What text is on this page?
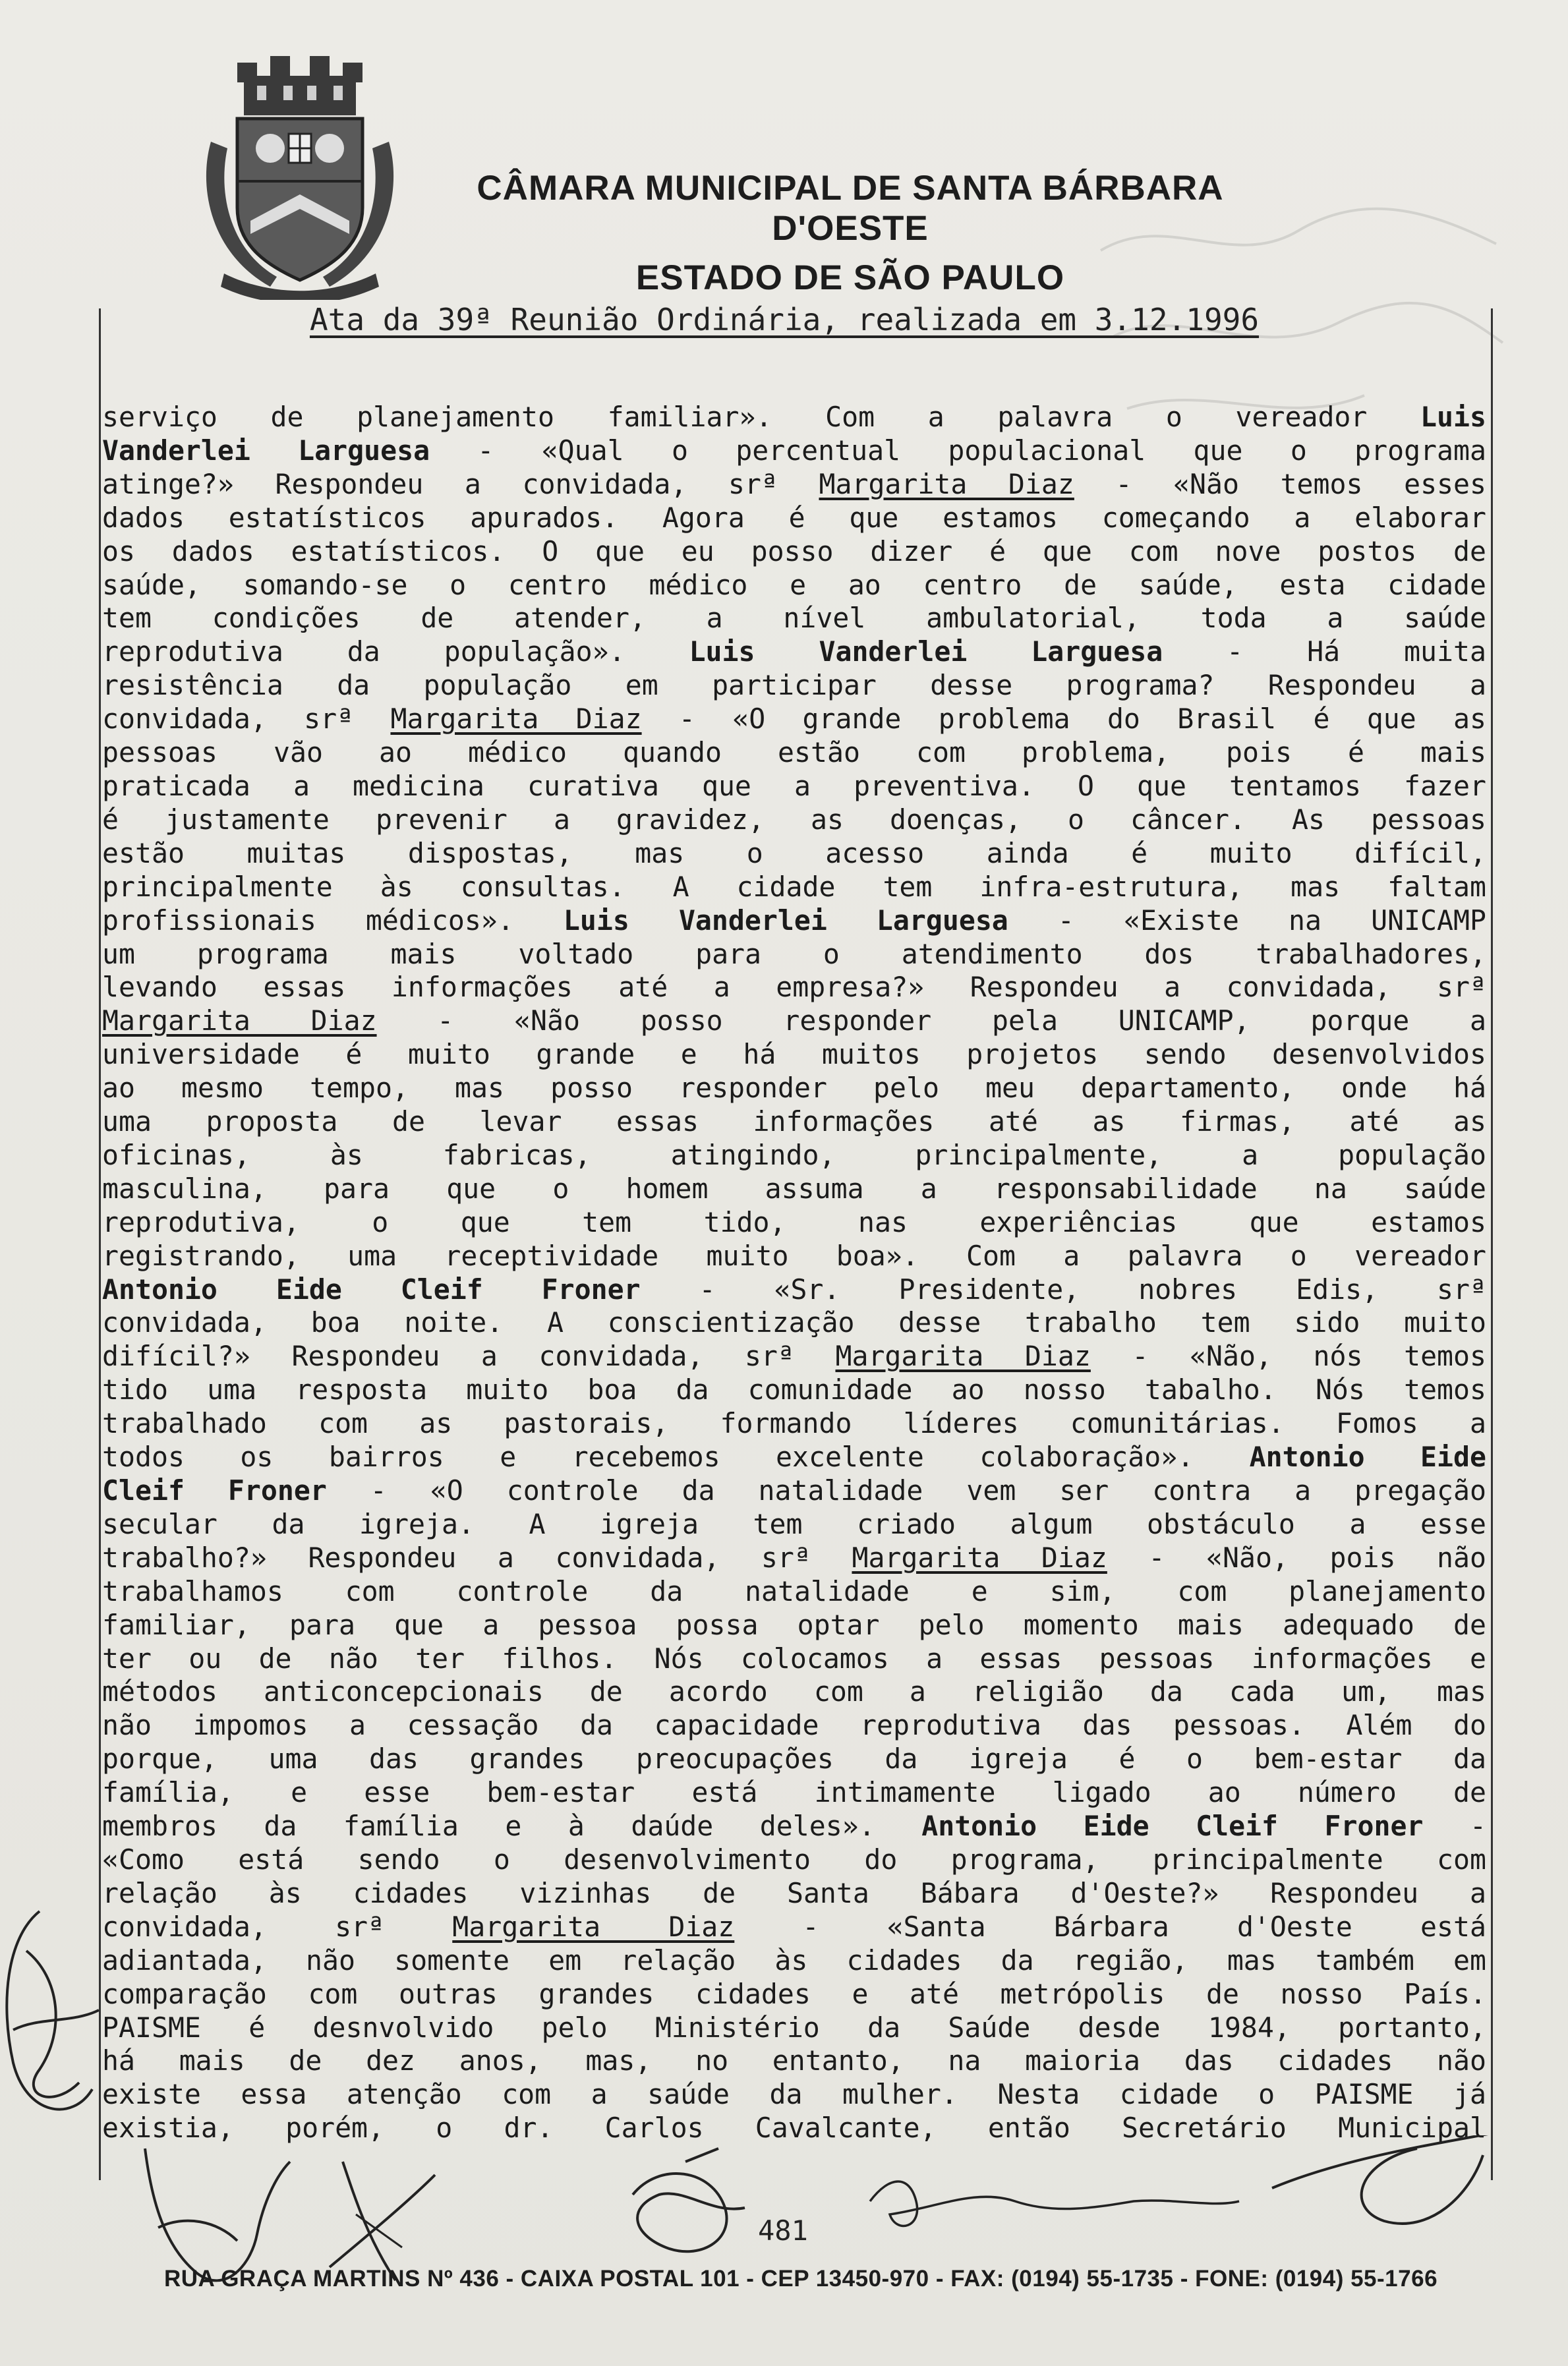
CÂMARA MUNICIPAL DE SANTA BÁRBARA D'OESTE
ESTADO DE SÃO PAULO
Ata da 39ª Reunião Ordinária, realizada em 3.12.1996

serviço de planejamento familiar». Com a palavra o vereador Luis

Vanderlei Larguesa - «Qual o percentual populacional que o programa

atinge?» Respondeu a convidada, srª Margarita Diaz - «Não temos esses

dados estatísticos apurados. Agora é que estamos começando a elaborar

os dados estatísticos. O que eu posso dizer é que com nove postos de

saúde, somando-se o centro médico e ao centro de saúde, esta cidade

tem condições de atender, a nível ambulatorial, toda a saúde

reprodutiva da população». Luis Vanderlei Larguesa - Há muita

resistência da população em participar desse programa? Respondeu a

convidada, srª Margarita Diaz - «O grande problema do Brasil é que as

pessoas vão ao médico quando estão com problema, pois é mais

praticada a medicina curativa que a preventiva. O que tentamos fazer

é justamente prevenir a gravidez, as doenças, o câncer. As pessoas

estão muitas dispostas, mas o acesso ainda é muito difícil,

principalmente às consultas. A cidade tem infra-estrutura, mas faltam

profissionais médicos». Luis Vanderlei Larguesa - «Existe na UNICAMP

um programa mais voltado para o atendimento dos trabalhadores,

levando essas informações até a empresa?» Respondeu a convidada, srª

Margarita Diaz - «Não posso responder pela UNICAMP, porque a

universidade é muito grande e há muitos projetos sendo desenvolvidos

ao mesmo tempo, mas posso responder pelo meu departamento, onde há

uma proposta de levar essas informações até as firmas, até as

oficinas, às fabricas, atingindo, principalmente, a população

masculina, para que o homem assuma a responsabilidade na saúde

reprodutiva, o que tem tido, nas experiências que estamos

registrando, uma receptividade muito boa». Com a palavra o vereador

Antonio Eide Cleif Froner - «Sr. Presidente, nobres Edis, srª

convidada, boa noite. A conscientização desse trabalho tem sido muito

difícil?» Respondeu a convidada, srª Margarita Diaz - «Não, nós temos

tido uma resposta muito boa da comunidade ao nosso tabalho. Nós temos

trabalhado com as pastorais, formando líderes comunitárias. Fomos a

todos os bairros e recebemos excelente colaboração». Antonio Eide

Cleif Froner - «O controle da natalidade vem ser contra a pregação

secular da igreja. A igreja tem criado algum obstáculo a esse

trabalho?» Respondeu a convidada, srª Margarita Diaz - «Não, pois não

trabalhamos com controle da natalidade e sim, com planejamento

familiar, para que a pessoa possa optar pelo momento mais adequado de

ter ou de não ter filhos. Nós colocamos a essas pessoas informações e

métodos anticoncepcionais de acordo com a religião da cada um, mas

não impomos a cessação da capacidade reprodutiva das pessoas. Além do

porque, uma das grandes preocupações da igreja é o bem-estar da

família, e esse bem-estar está intimamente ligado ao número de

membros da família e à daúde deles». Antonio Eide Cleif Froner -

«Como está sendo o desenvolvimento do programa, principalmente com

relação às cidades vizinhas de Santa Bábara d'Oeste?» Respondeu a

convidada, srª Margarita Diaz - «Santa Bárbara d'Oeste está

adiantada, não somente em relação às cidades da região, mas também em

comparação com outras grandes cidades e até metrópolis de nosso País.

PAISME é desnvolvido pelo Ministério da Saúde desde 1984, portanto,

há mais de dez anos, mas, no entanto, na maioria das cidades não

existe essa atenção com a saúde da mulher. Nesta cidade o PAISME já

existia, porém, o dr. Carlos Cavalcante, então Secretário Municipal

481
RUA GRAÇA MARTINS Nº 436 - CAIXA POSTAL 101 - CEP 13450-970 - FAX: (0194) 55-1735 - FONE: (0194) 55-1766
